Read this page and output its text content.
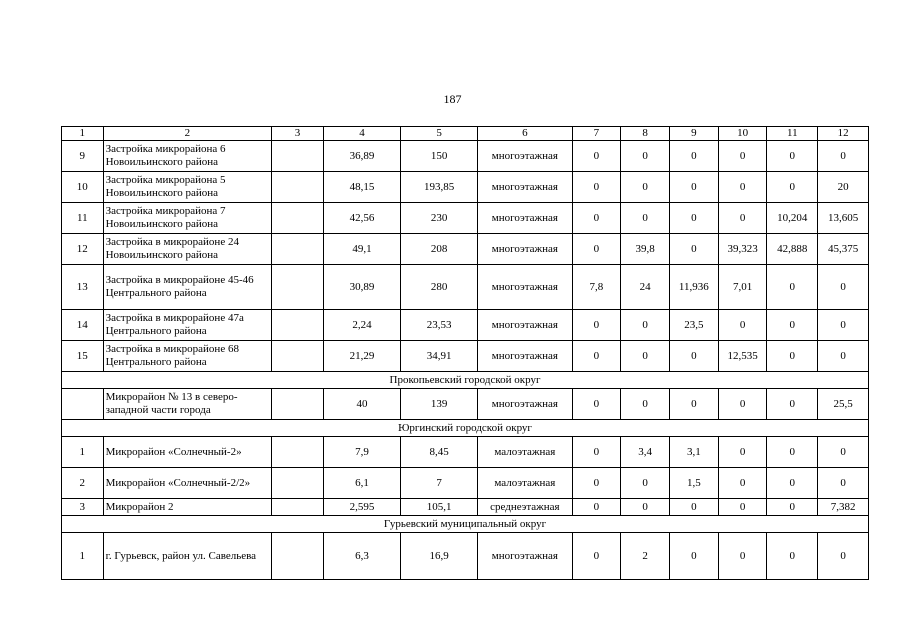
187
1	2	3	4	5	6	7	8	9	10	11	12
9	Застройка микрорайона 6 Новоильинского района		36,89	150	многоэтажная	0	0	0	0	0	0
10	Застройка микрорайона 5 Новоильинского района		48,15	193,85	многоэтажная	0	0	0	0	0	20
11	Застройка микрорайона 7 Новоильинского района		42,56	230	многоэтажная	0	0	0	0	10,204	13,605
12	Застройка в микрорайоне 24 Новоильинского района		49,1	208	многоэтажная	0	39,8	0	39,323	42,888	45,375
13	Застройка в микрорайоне 45-46 Центрального района		30,89	280	многоэтажная	7,8	24	11,936	7,01	0	0
14	Застройка в микрорайоне 47а Центрального района		2,24	23,53	многоэтажная	0	0	23,5	0	0	0
15	Застройка в микрорайоне 68 Центрального района		21,29	34,91	многоэтажная	0	0	0	12,535	0	0
Прокопьевский городской округ											
	Микрорайон № 13 в северо-западной части города		40	139	многоэтажная	0	0	0	0	0	25,5
Юргинский городской округ											
1	Микрорайон «Солнечный-2»		7,9	8,45	малоэтажная	0	3,4	3,1	0	0	0
2	Микрорайон «Солнечный-2/2»		6,1	7	малоэтажная	0	0	1,5	0	0	0
3	Микрорайон 2		2,595	105,1	среднеэтажная	0	0	0	0	0	7,382
Гурьевский муниципальный округ											
1	г. Гурьевск, район ул. Савельева		6,3	16,9	многоэтажная	0	2	0	0	0	0
